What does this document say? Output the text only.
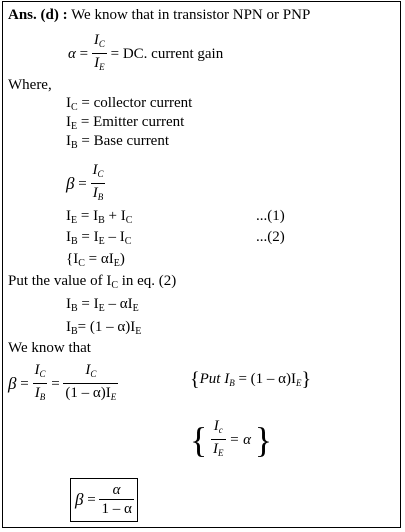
Ans. (d) : We know that in transistor NPN or PNP
$\alpha = \frac{I_C}{I_E}$ = DC. current gain
Where,
$I_C$ = collector current
$I_E$ = Emitter current
$I_B$ = Base current
$\beta = \frac{I_C}{I_B}$
$I_E = I_B + I_C$	...(1)
$I_B = I_E - I_C$	...(2)
$\{I_C = \alpha I_E)$
Put the value of $I_C$ in eq. (2)
$I_B = I_E - \alpha I_E$
$I_B= (1 - \alpha)I_E$
We know that
$\beta = \frac{I_C}{I_B} = \frac{I_C}{(1 - \alpha)I_E}$	{Put $I_B = (1 - \alpha)I_E$}
{ $\frac{I_c}{I_E} = \alpha$ }
$\beta = \frac{\alpha}{1 - \alpha}$
